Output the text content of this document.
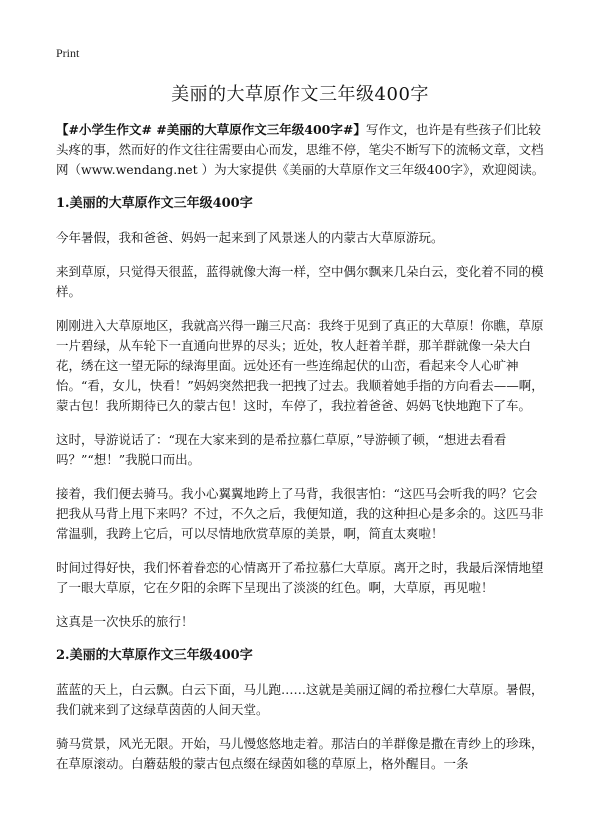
Print
美丽的大草原作文三年级400字

【#小学生作文# #美丽的大草原作文三年级400字#】写作文，也许是有些孩子们比较头疼的事，然而好的作文往往需要由心而发，思维不停，笔尖不断写下的流畅文章，文档网（www.wendang.net ）为大家提供《美丽的大草原作文三年级400字》，欢迎阅读。

1.美丽的大草原作文三年级400字

今年暑假，我和爸爸、妈妈一起来到了风景迷人的内蒙古大草原游玩。

来到草原，只觉得天很蓝，蓝得就像大海一样，空中偶尔飘来几朵白云，变化着不同的模样。

刚刚进入大草原地区，我就高兴得一蹦三尺高：我终于见到了真正的大草原！你瞧，草原一片碧绿，从车轮下一直通向世界的尽头；近处，牧人赶着羊群，那羊群就像一朵大白花，绣在这一望无际的绿海里面。远处还有一些连绵起伏的山峦，看起来令人心旷神怡。“看，女儿，快看！”妈妈突然把我一把拽了过去。我顺着她手指的方向看去——啊，蒙古包！我所期待已久的蒙古包！这时，车停了，我拉着爸爸、妈妈飞快地跑下了车。

这时，导游说话了：“现在大家来到的是希拉慕仁草原，”导游顿了顿，“想进去看看吗？”“想！”我脱口而出。

接着，我们便去骑马。我小心翼翼地跨上了马背，我很害怕：“这匹马会听我的吗？它会把我从马背上甩下来吗？不过，不久之后，我便知道，我的这种担心是多余的。这匹马非常温驯，我跨上它后，可以尽情地欣赏草原的美景，啊，简直太爽啦！

时间过得好快，我们怀着眷恋的心情离开了希拉慕仁大草原。离开之时，我最后深情地望了一眼大草原，它在夕阳的余晖下呈现出了淡淡的红色。啊，大草原，再见啦！

这真是一次快乐的旅行！

2.美丽的大草原作文三年级400字

蓝蓝的天上，白云飘。白云下面，马儿跑……这就是美丽辽阔的希拉穆仁大草原。暑假，我们就来到了这绿草茵茵的人间天堂。

骑马赏景，风光无限。开始，马儿慢悠悠地走着。那洁白的羊群像是撒在青纱上的珍珠，在草原滚动。白蘑菇般的蒙古包点缀在绿茵如毯的草原上，格外醒目。一条
